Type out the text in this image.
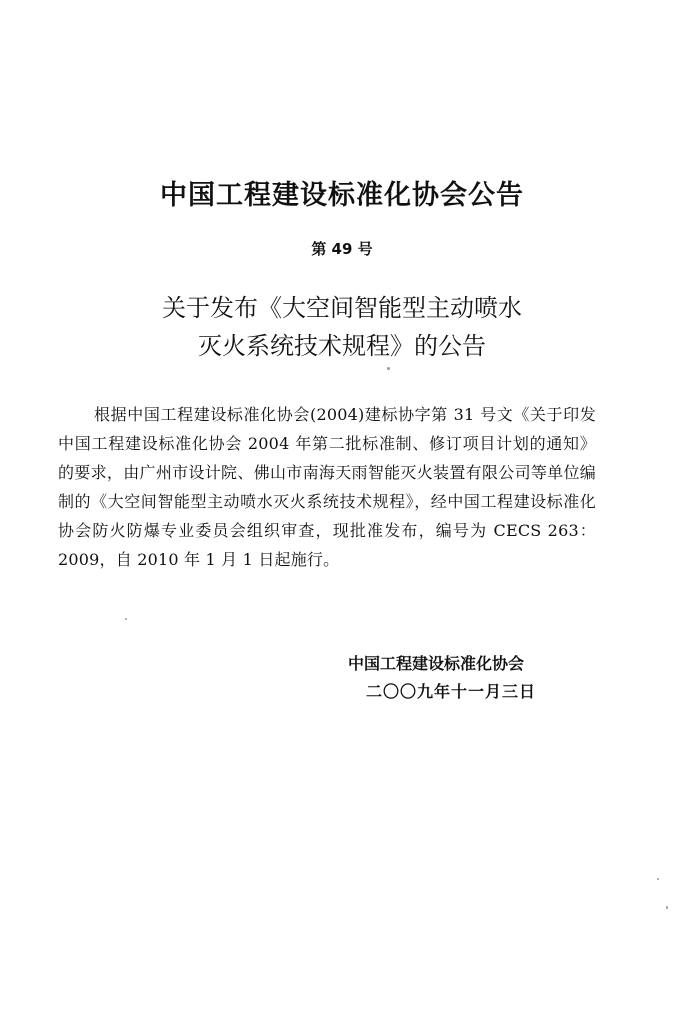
中国工程建设标准化协会公告
第 49 号
关于发布《大空间智能型主动喷水
灭火系统技术规程》的公告

根据中国工程建设标准化协会(2004)建标协字第 31 号文《关于印发中国工程建设标准化协会 2004 年第二批标准制、修订项目计划的通知》的要求，由广州市设计院、佛山市南海天雨智能灭火装置有限公司等单位编制的《大空间智能型主动喷水灭火系统技术规程》，经中国工程建设标准化协会防火防爆专业委员会组织审查，现批准发布，编号为 CECS 263：2009，自 2010 年 1 月 1 日起施行。

中国工程建设标准化协会
二〇〇九年十一月三日
